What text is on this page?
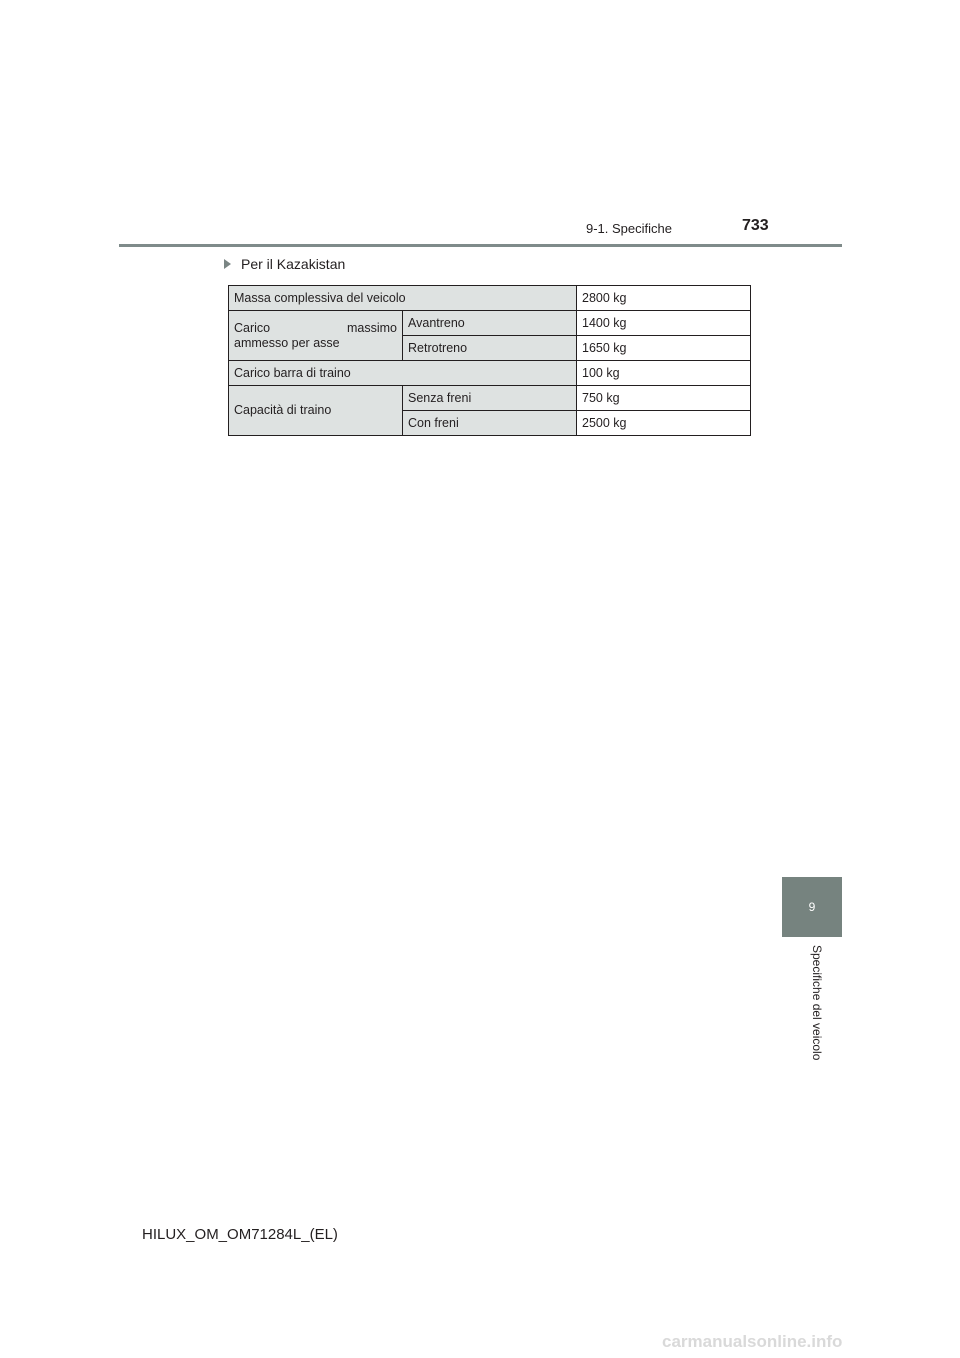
9-1. Specifiche	733
Per il Kazakistan
Massa complessiva del veicolo		2800 kg

Carico massimo
ammesso per asse	Avantreno	1400 kg
	Retrotreno	1650 kg
Carico barra di traino		100 kg
Capacità di traino	Senza freni	750 kg
	Con freni	2500 kg
9
Specifiche del veicolo
HILUX_OM_OM71284L_(EL)
carmanualsonline.info
